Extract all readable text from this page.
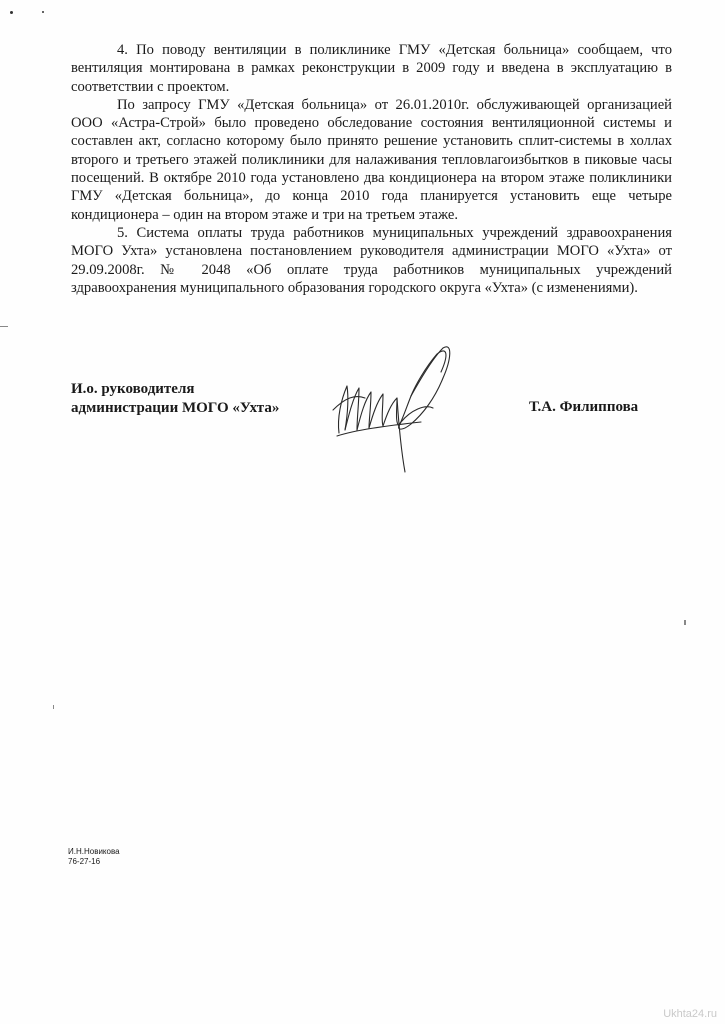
4. По поводу вентиляции в поликлинике ГМУ «Детская больница» сообщаем, что вентиляция монтирована в рамках реконструкции в 2009 году и введена в эксплуатацию в соответствии с проектом.

По запросу ГМУ «Детская больница» от 26.01.2010г. обслуживающей организацией ООО «Астра-Строй» было проведено обследование состояния вентиляционной системы и составлен акт, согласно которому было принято решение установить сплит-системы в холлах второго и третьего этажей поликлиники для налаживания тепловлагоизбытков в пиковые часы посещений. В октябре 2010 года установлено два кондиционера на втором этаже поликлиники ГМУ «Детская больница», до конца 2010 года планируется установить еще четыре кондиционера – один на втором этаже и три на третьем этаже.

5. Система оплаты труда работников муниципальных учреждений здравоохранения МОГО Ухта» установлена постановлением руководителя администрации МОГО «Ухта» от 29.09.2008г. № 2048 «Об оплате труда работников муниципальных учреждений здравоохранения муниципального образования городского округа «Ухта» (с изменениями).

И.о. руководителя
администрации МОГО «Ухта»	Т.А. Филиппова
И.Н.Новикова
76-27-16
Ukhta24.ru
